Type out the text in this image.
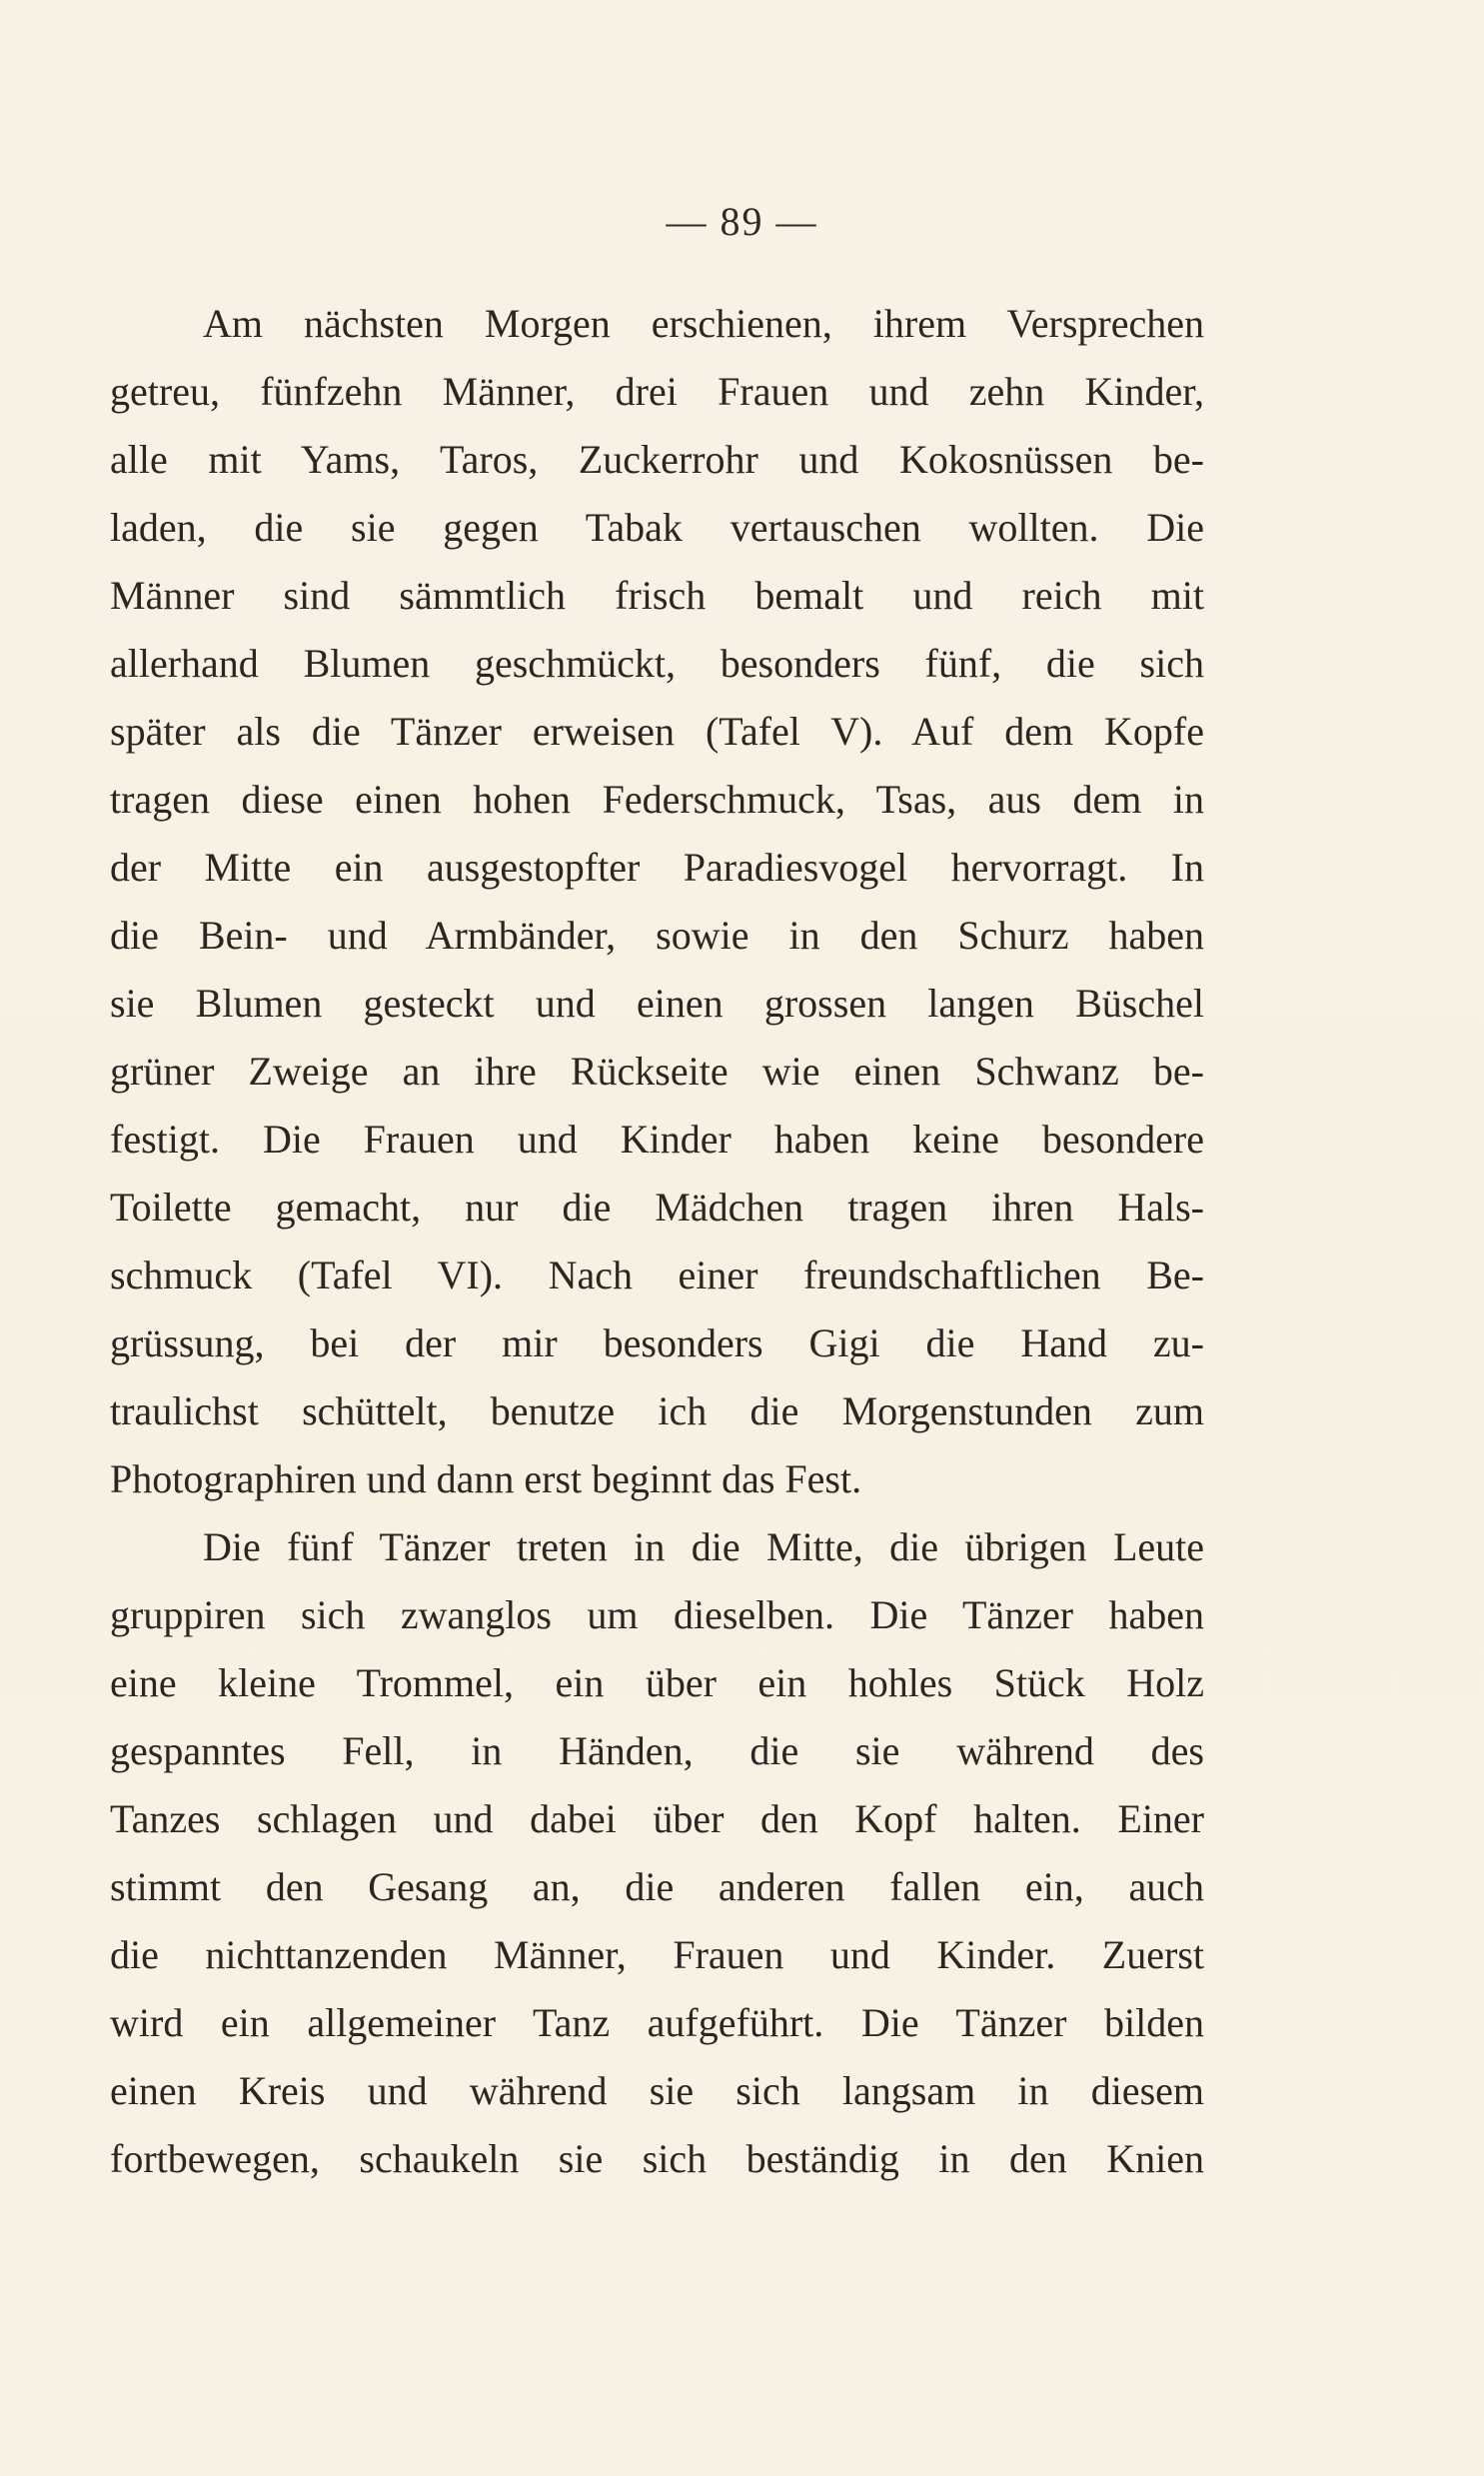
— 89 —
Am nächsten Morgen erschienen, ihrem Versprechen
getreu, fünfzehn Männer, drei Frauen und zehn Kinder,
alle mit Yams, Taros, Zuckerrohr und Kokosnüssen be-
laden, die sie gegen Tabak vertauschen wollten. Die
Männer sind sämmtlich frisch bemalt und reich mit
allerhand Blumen geschmückt, besonders fünf, die sich
später als die Tänzer erweisen (Tafel V). Auf dem Kopfe
tragen diese einen hohen Federschmuck, Tsas, aus dem in
der Mitte ein ausgestopfter Paradiesvogel hervorragt. In
die Bein- und Armbänder, sowie in den Schurz haben
sie Blumen gesteckt und einen grossen langen Büschel
grüner Zweige an ihre Rückseite wie einen Schwanz be-
festigt. Die Frauen und Kinder haben keine besondere
Toilette gemacht, nur die Mädchen tragen ihren Hals-
schmuck (Tafel VI). Nach einer freundschaftlichen Be-
grüssung, bei der mir besonders Gigi die Hand zu-
traulichst schüttelt, benutze ich die Morgenstunden zum
Photographiren und dann erst beginnt das Fest.
Die fünf Tänzer treten in die Mitte, die übrigen Leute
gruppiren sich zwanglos um dieselben. Die Tänzer haben
eine kleine Trommel, ein über ein hohles Stück Holz
gespanntes Fell, in Händen, die sie während des
Tanzes schlagen und dabei über den Kopf halten. Einer
stimmt den Gesang an, die anderen fallen ein, auch
die nichttanzenden Männer, Frauen und Kinder. Zuerst
wird ein allgemeiner Tanz aufgeführt. Die Tänzer bilden
einen Kreis und während sie sich langsam in diesem
fortbewegen, schaukeln sie sich beständig in den Knien
